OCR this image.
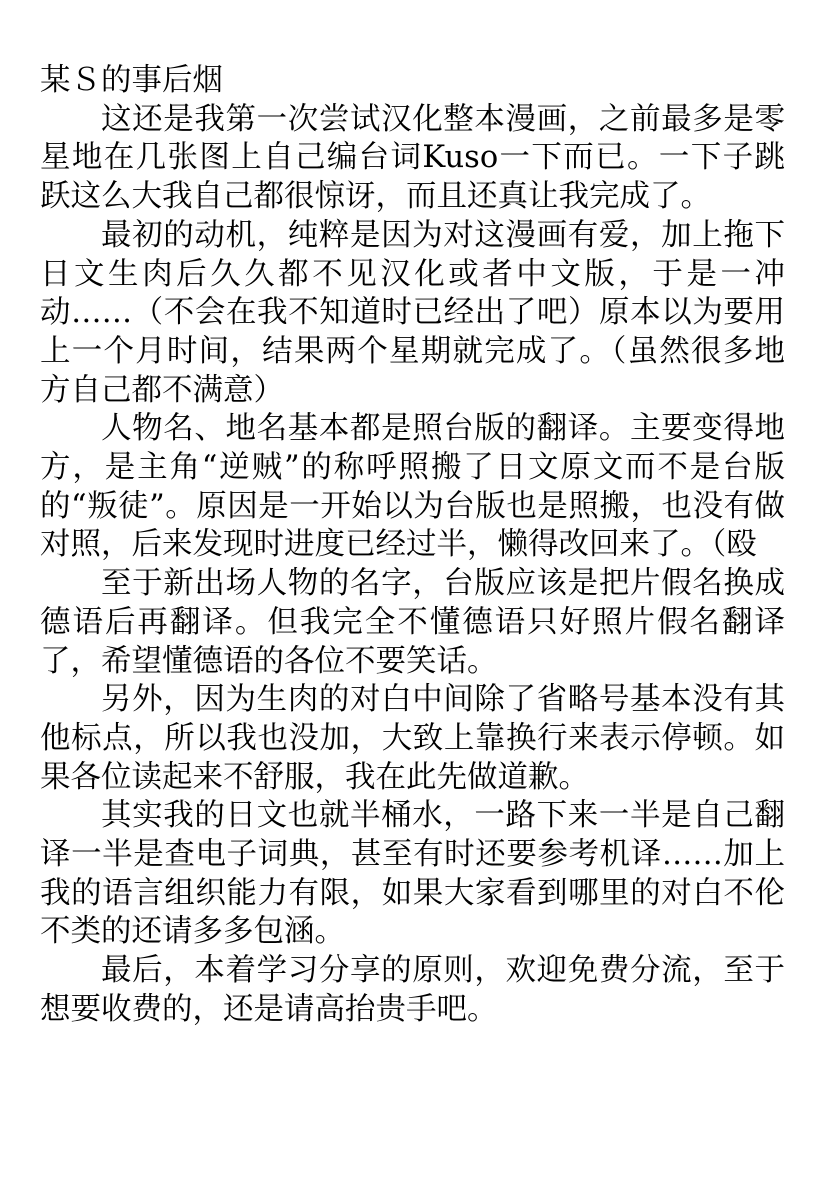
某Ｓ的事后烟

这还是我第一次尝试汉化整本漫画，之前最多是零星地在几张图上自己编台词Kuso一下而已。一下子跳跃这么大我自己都很惊讶，而且还真让我完成了。

最初的动机，纯粹是因为对这漫画有爱，加上拖下日文生肉后久久都不见汉化或者中文版，于是一冲动……（不会在我不知道时已经出了吧）原本以为要用上一个月时间，结果两个星期就完成了。（虽然很多地方自己都不满意）

人物名、地名基本都是照台版的翻译。主要变得地方，是主角“逆贼”的称呼照搬了日文原文而不是台版的“叛徒”。原因是一开始以为台版也是照搬，也没有做对照，后来发现时进度已经过半，懒得改回来了。（殴

至于新出场人物的名字，台版应该是把片假名换成德语后再翻译。但我完全不懂德语只好照片假名翻译了，希望懂德语的各位不要笑话。

另外，因为生肉的对白中间除了省略号基本没有其他标点，所以我也没加，大致上靠换行来表示停顿。如果各位读起来不舒服，我在此先做道歉。

其实我的日文也就半桶水，一路下来一半是自己翻译一半是查电子词典，甚至有时还要参考机译……加上我的语言组织能力有限，如果大家看到哪里的对白不伦不类的还请多多包涵。

最后，本着学习分享的原则，欢迎免费分流，至于想要收费的，还是请高抬贵手吧。
